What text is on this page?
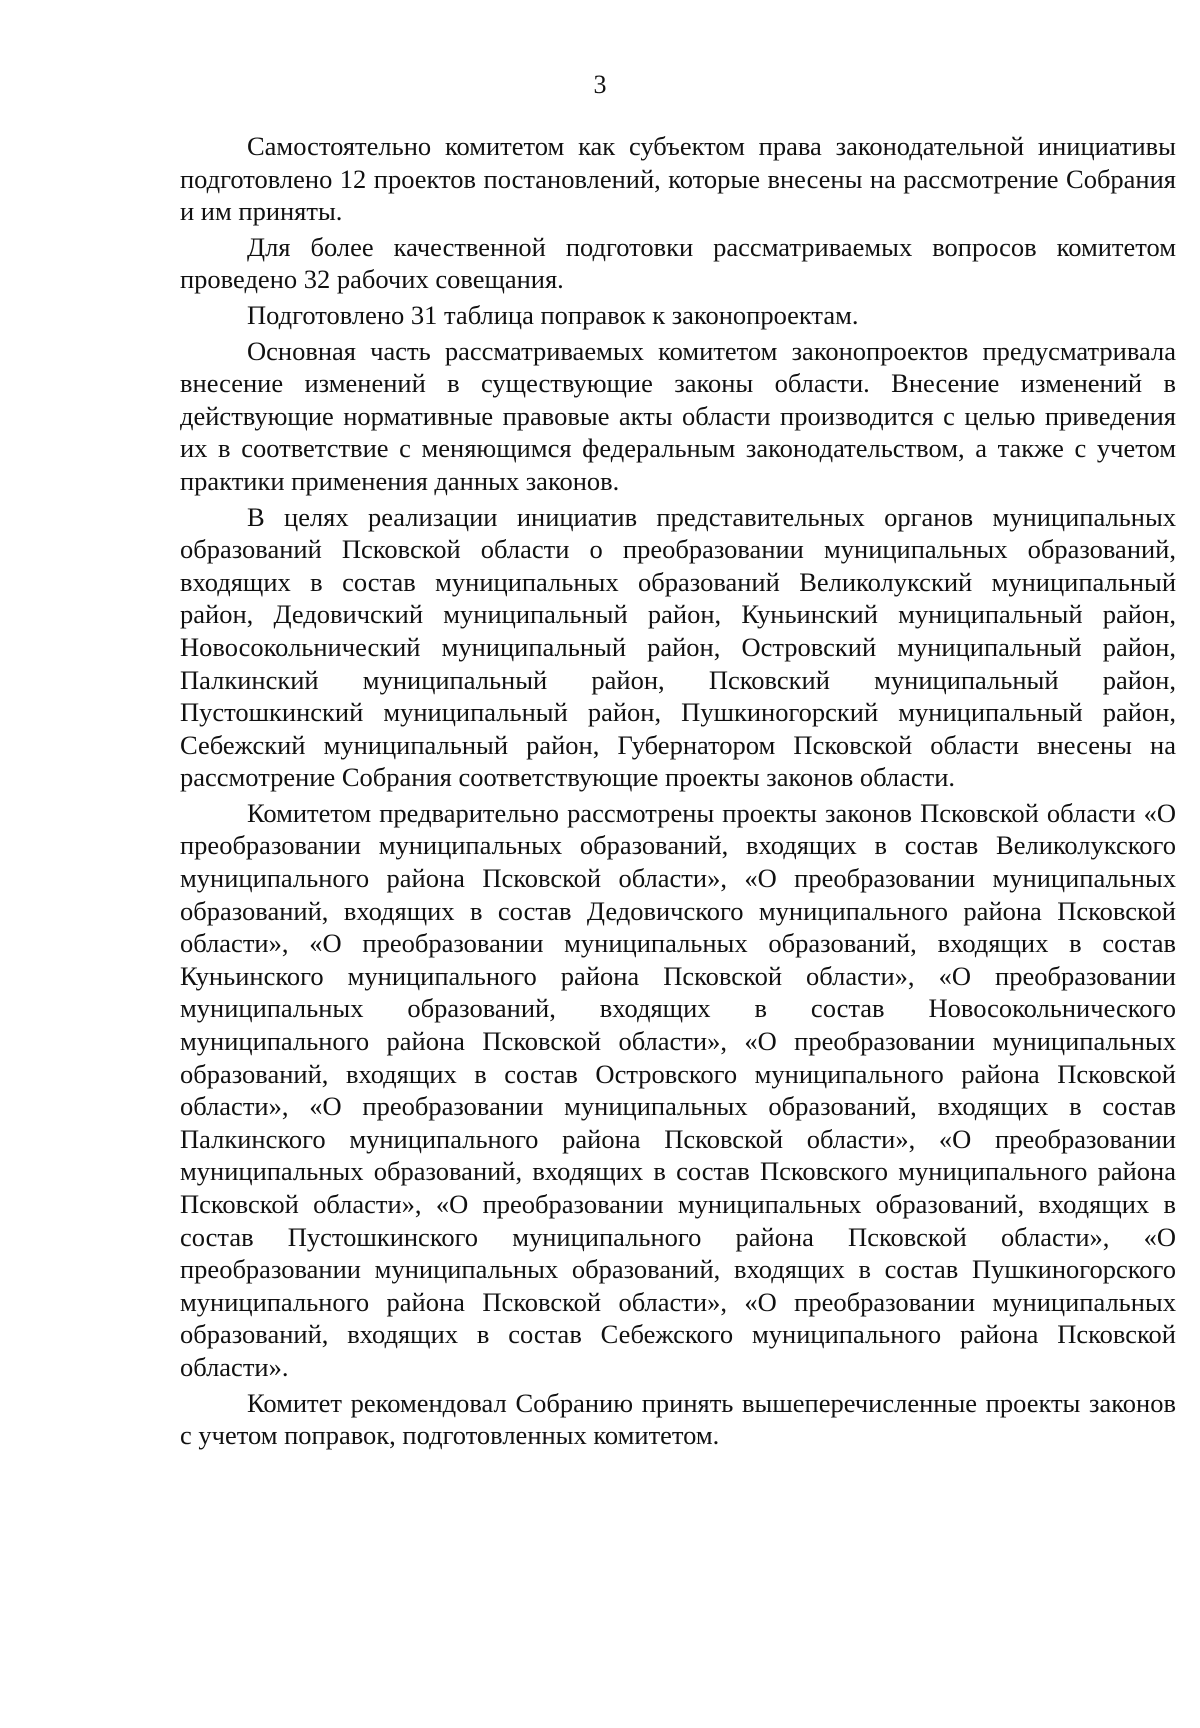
3

Самостоятельно комитетом как субъектом права законодательной инициативы подготовлено 12 проектов постановлений, которые внесены на рассмотрение Собрания и им приняты.

Для более качественной подготовки рассматриваемых вопросов комитетом проведено 32 рабочих совещания.

Подготовлено 31 таблица поправок к законопроектам.

Основная часть рассматриваемых комитетом законопроектов предусматривала внесение изменений в существующие законы области. Внесение изменений в действующие нормативные правовые акты области производится с целью приведения их в соответствие с меняющимся федеральным законодательством, а также с учетом практики применения данных законов.

В целях реализации инициатив представительных органов муниципальных образований Псковской области о преобразовании муниципальных образований, входящих в состав муниципальных образований Великолукский муниципальный район, Дедовичский муниципальный район, Куньинский муниципальный район, Новосокольнический муниципальный район, Островский муниципальный район, Палкинский муниципальный район, Псковский муниципальный район, Пустошкинский муниципальный район, Пушкиногорский муниципальный район, Себежский муниципальный район, Губернатором Псковской области внесены на рассмотрение Собрания соответствующие проекты законов области.

Комитетом предварительно рассмотрены проекты законов Псковской области «О преобразовании муниципальных образований, входящих в состав Великолукского муниципального района Псковской области», «О преобразовании муниципальных образований, входящих в состав Дедовичского муниципального района Псковской области», «О преобразовании муниципальных образований, входящих в состав Куньинского муниципального района Псковской области», «О преобразовании муниципальных образований, входящих в состав Новосокольнического муниципального района Псковской области», «О преобразовании муниципальных образований, входящих в состав Островского муниципального района Псковской области», «О преобразовании муниципальных образований, входящих в состав Палкинского муниципального района Псковской области», «О преобразовании муниципальных образований, входящих в состав Псковского муниципального района Псковской области», «О преобразовании муниципальных образований, входящих в состав Пустошкинского муниципального района Псковской области», «О преобразовании муниципальных образований, входящих в состав Пушкиногорского муниципального района Псковской области», «О преобразовании муниципальных образований, входящих в состав Себежского муниципального района Псковской области».

Комитет рекомендовал Собранию принять вышеперечисленные проекты законов с учетом поправок, подготовленных комитетом.
